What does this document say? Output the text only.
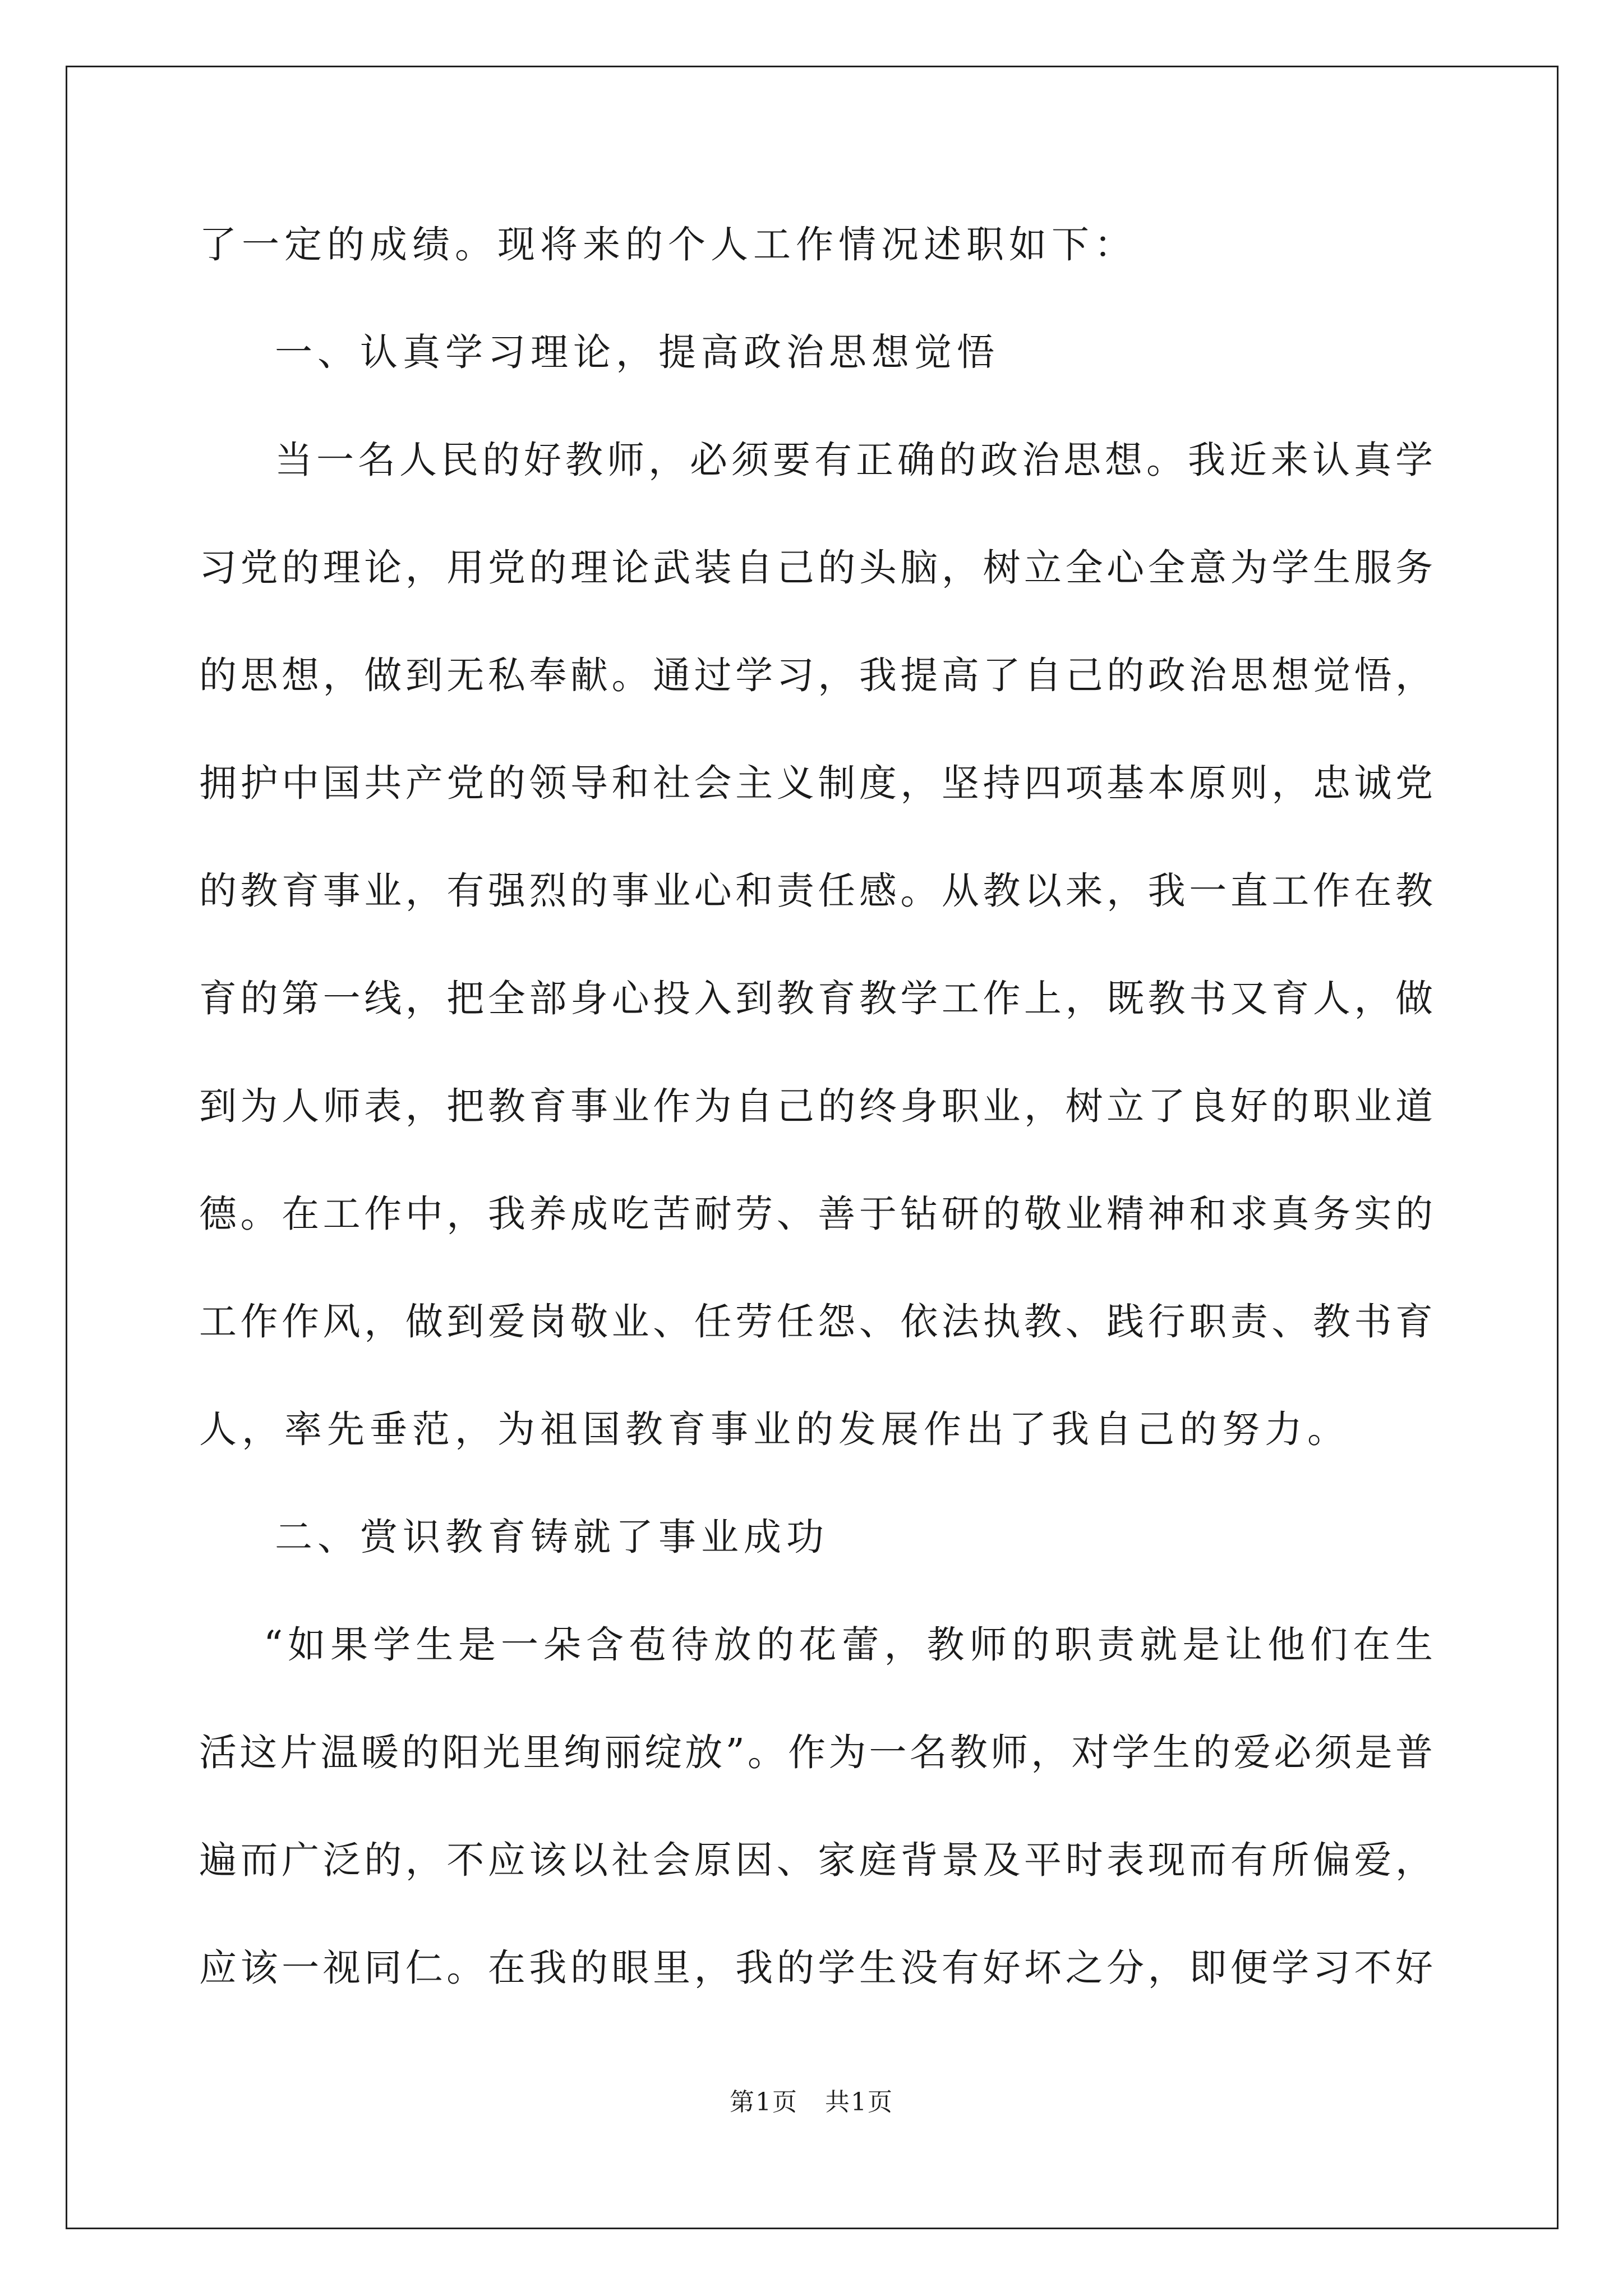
了一定的成绩。现将来的个人工作情况述职如下：
一、认真学习理论，提高政治思想觉悟
当一名人民的好教师，必须要有正确的政治思想。我近来认真学
习党的理论，用党的理论武装自己的头脑，树立全心全意为学生服务
的思想，做到无私奉献。通过学习，我提高了自己的政治思想觉悟，
拥护中国共产党的领导和社会主义制度，坚持四项基本原则，忠诚党
的教育事业，有强烈的事业心和责任感。从教以来，我一直工作在教
育的第一线，把全部身心投入到教育教学工作上，既教书又育人，做
到为人师表，把教育事业作为自己的终身职业，树立了良好的职业道
德。在工作中，我养成吃苦耐劳、善于钻研的敬业精神和求真务实的
工作作风，做到爱岗敬业、任劳任怨、依法执教、践行职责、教书育
人，率先垂范，为祖国教育事业的发展作出了我自己的努力。
二、赏识教育铸就了事业成功
“如果学生是一朵含苞待放的花蕾，教师的职责就是让他们在生
活这片温暖的阳光里绚丽绽放”。作为一名教师，对学生的爱必须是普
遍而广泛的，不应该以社会原因、家庭背景及平时表现而有所偏爱，
应该一视同仁。在我的眼里，我的学生没有好坏之分，即便学习不好
第1页   共1页
